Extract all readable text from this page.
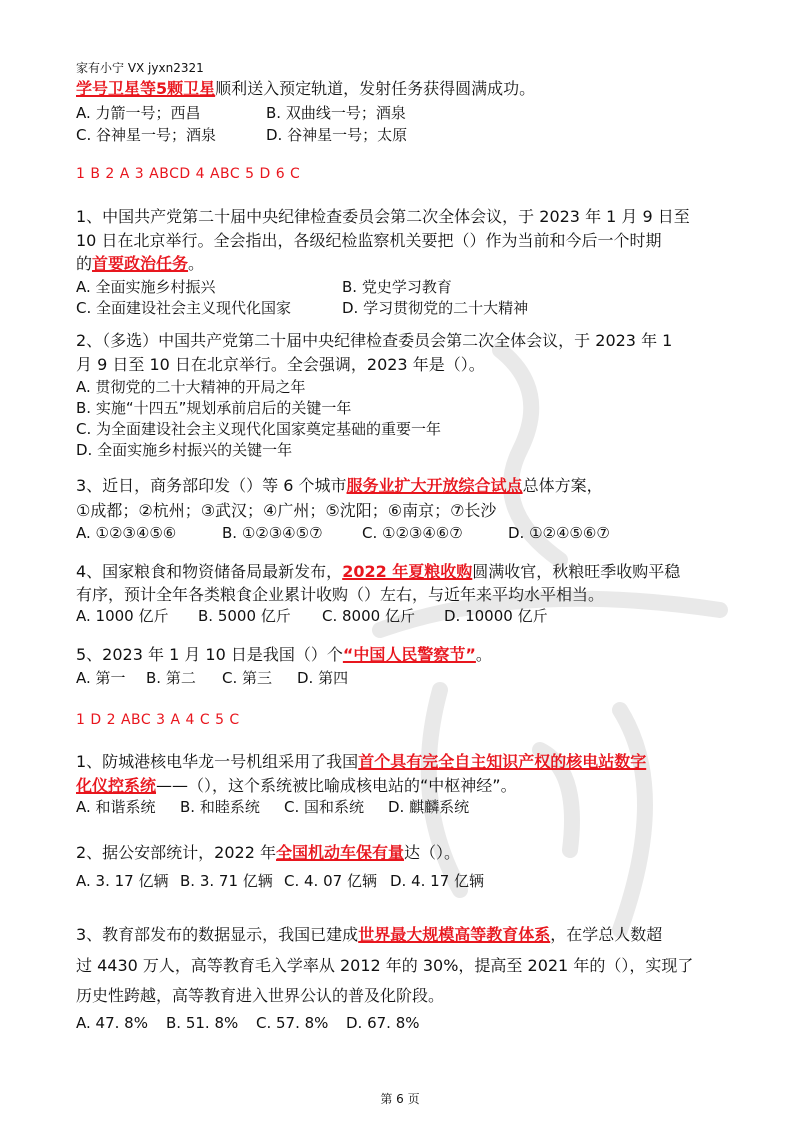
家有小宁 VX jyxn2321
学号卫星等5颗卫星顺利送入预定轨道，发射任务获得圆满成功。
A. 力箭一号；西昌	B. 双曲线一号；酒泉
C. 谷神星一号；酒泉	D. 谷神星一号；太原
1 B 2 A 3 ABCD 4 ABC 5 D 6 C
1、中国共产党第二十届中央纪律检查委员会第二次全体会议，于 2023 年 1 月 9 日至
10 日在北京举行。全会指出，各级纪检监察机关要把（）作为当前和今后一个时期
的首要政治任务。
A. 全面实施乡村振兴	B. 党史学习教育
C. 全面建设社会主义现代化国家	D. 学习贯彻党的二十大精神
2、（多选）中国共产党第二十届中央纪律检查委员会第二次全体会议，于 2023 年 1
月 9 日至 10 日在北京举行。全会强调，2023 年是（）。
A. 贯彻党的二十大精神的开局之年
B. 实施“十四五”规划承前启后的关键一年
C. 为全面建设社会主义现代化国家奠定基础的重要一年
D. 全面实施乡村振兴的关键一年
3、近日，商务部印发（）等 6 个城市服务业扩大开放综合试点总体方案，
①成都；②杭州；③武汉；④广州；⑤沈阳；⑥南京；⑦长沙
A. ①②③④⑤⑥	B. ①②③④⑤⑦	C. ①②③④⑥⑦	D. ①②④⑤⑥⑦
4、国家粮食和物资储备局最新发布，2022 年夏粮收购圆满收官，秋粮旺季收购平稳
有序，预计全年各类粮食企业累计收购（）左右，与近年来平均水平相当。
A. 1000 亿斤 B. 5000 亿斤 C. 8000 亿斤 D. 10000 亿斤
5、2023 年 1 月 10 日是我国（）个“中国人民警察节”。
A. 第一 B. 第二 C. 第三 D. 第四
1 D 2 ABC 3 A 4 C 5 C
1、防城港核电华龙一号机组采用了我国首个具有完全自主知识产权的核电站数字
化仪控系统——（），这个系统被比喻成核电站的“中枢神经”。
A. 和谐系统 B. 和睦系统 C. 国和系统 D. 麒麟系统
2、据公安部统计，2022 年全国机动车保有量达（）。
A. 3. 17 亿辆 B. 3. 71 亿辆 C. 4. 07 亿辆 D. 4. 17 亿辆
3、教育部发布的数据显示，我国已建成世界最大规模高等教育体系，在学总人数超
过 4430 万人，高等教育毛入学率从 2012 年的 30%，提高至 2021 年的（），实现了
历史性跨越，高等教育进入世界公认的普及化阶段。
A. 47. 8% B. 51. 8% C. 57. 8% D. 67. 8%
第 6 页
